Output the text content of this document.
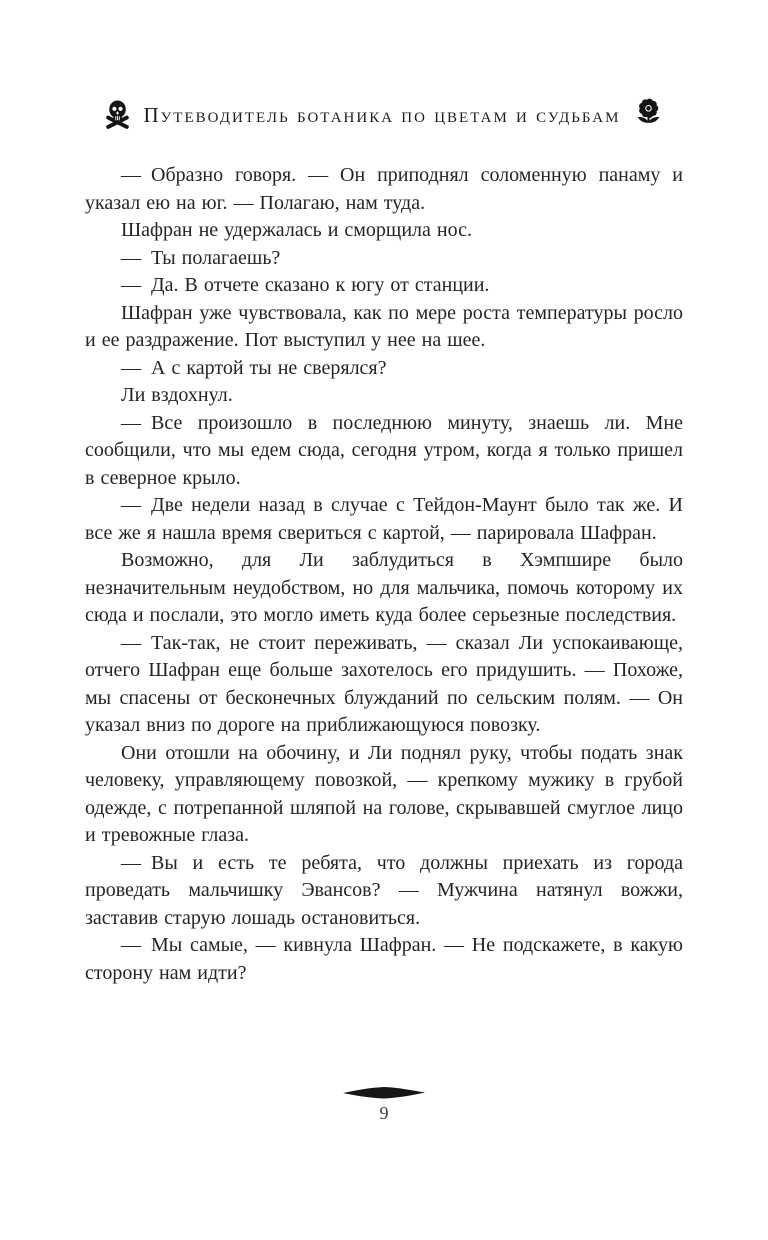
Путеводитель ботаника по цветам и судьбам

— Образно говоря. — Он приподнял соломенную панаму и указал ею на юг. — Полагаю, нам туда.

Шафран не удержалась и сморщила нос.

— Ты полагаешь?

— Да. В отчете сказано к югу от станции.

Шафран уже чувствовала, как по мере роста температуры росло и ее раздражение. Пот выступил у нее на шее.

— А с картой ты не сверялся?

Ли вздохнул.

— Все произошло в последнюю минуту, знаешь ли. Мне сообщили, что мы едем сюда, сегодня утром, когда я только пришел в северное крыло.

— Две недели назад в случае с Тейдон-Маунт было так же. И все же я нашла время свериться с картой, — парировала Шафран.

Возможно, для Ли заблудиться в Хэмпшире было незначительным неудобством, но для мальчика, помочь которому их сюда и послали, это могло иметь куда более серьезные последствия.

— Так-так, не стоит переживать, — сказал Ли успокаивающе, отчего Шафран еще больше захотелось его придушить. — Похоже, мы спасены от бесконечных блужданий по сельским полям. — Он указал вниз по дороге на приближающуюся повозку.

Они отошли на обочину, и Ли поднял руку, чтобы подать знак человеку, управляющему повозкой, — крепкому мужику в грубой одежде, с потрепанной шляпой на голове, скрывавшей смуглое лицо и тревожные глаза.

— Вы и есть те ребята, что должны приехать из города проведать мальчишку Эвансов? — Мужчина натянул вожжи, заставив старую лошадь остановиться.

— Мы самые, — кивнула Шафран. — Не подскажете, в какую сторону нам идти?

9
